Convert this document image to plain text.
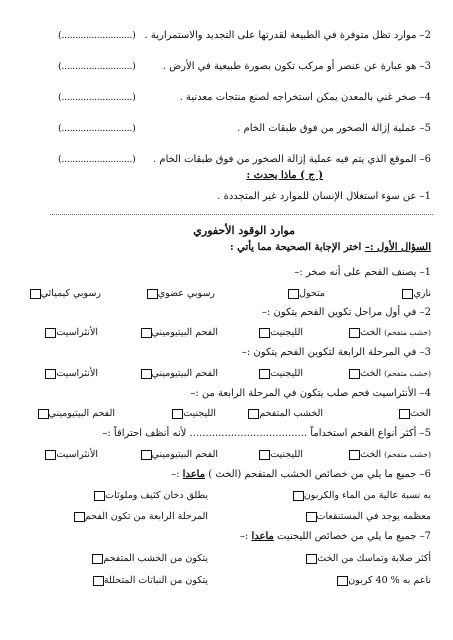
2– موارد تظل متوفرة في الطبيعة لقدرتها على التجديد والاستمرارية .
(..........................)
3– هو عبارة عن عنصر أو مركب تكون بصورة طبيعية في الأرض .
(..........................)
4– صخر غني بالمعدن يمكن استخراجه لصنع منتجات معدنية .
(..........................)
5– عملية إزالة الصخور من فوق طبقات الخام .
(..........................)
6– الموقع الذي يتم فيه عملية إزالة الصخور من فوق طبقات الخام .
(..........................)
( ج ) ماذا يحدث :
1– عن سوء استغلال الإنسان للموارد غير المتجددة .
موارد الوقود الأحفوري
السؤال الأول :– اختر الإجابة الصحيحة مما يأتي :
1– يصنف الفحم على أنه صخر :–
ناري
متحول
رسوبي عضوي
رسوبي كيميائي
2– في أول مراحل تكوين الفحم يتكون :–
الخث
(خشب متفحم)
الليجنيت
الفحم البيتيوميني
الأنثراسيت
3– في المرحلة الرابعة لتكوين الفحم يتكون :–
الخث
(خشب متفحم)
الليجنيت
الفحم البيتيوميني
الأنثراسيت
4– الأنثراسيت فحم صلب يتكون في المرحلة الرابعة من :–
الحث
الخشب المتفحم
الليجنيت
الفحم البيتيوميني
5– أكثر أنواع الفحم استخداماً ..................................... لأنه أنظف احتراقاً :–
الخث
(خشب متفحم)
الليجنيت
الفحم البيتيوميني
الأنثراسيت
6– جميع ما يلي من خصائص الخشب المتفحم (الخث ) ماعدا :–
به نسبة عالية من الماء والكربون
يطلق دخان كثيف وملوثات
معظمه يوجد في المستنقعات
المرحلة الرابعة من تكون الفحم
7– جميع ما يلي من خصائص الليجنيت ماعدا :–
أكثر صلابة وتماسك من الخث
يتكون من الخشب المتفحم
ناعم به % 40 كربون
يتكون من النباتات المتحللة
